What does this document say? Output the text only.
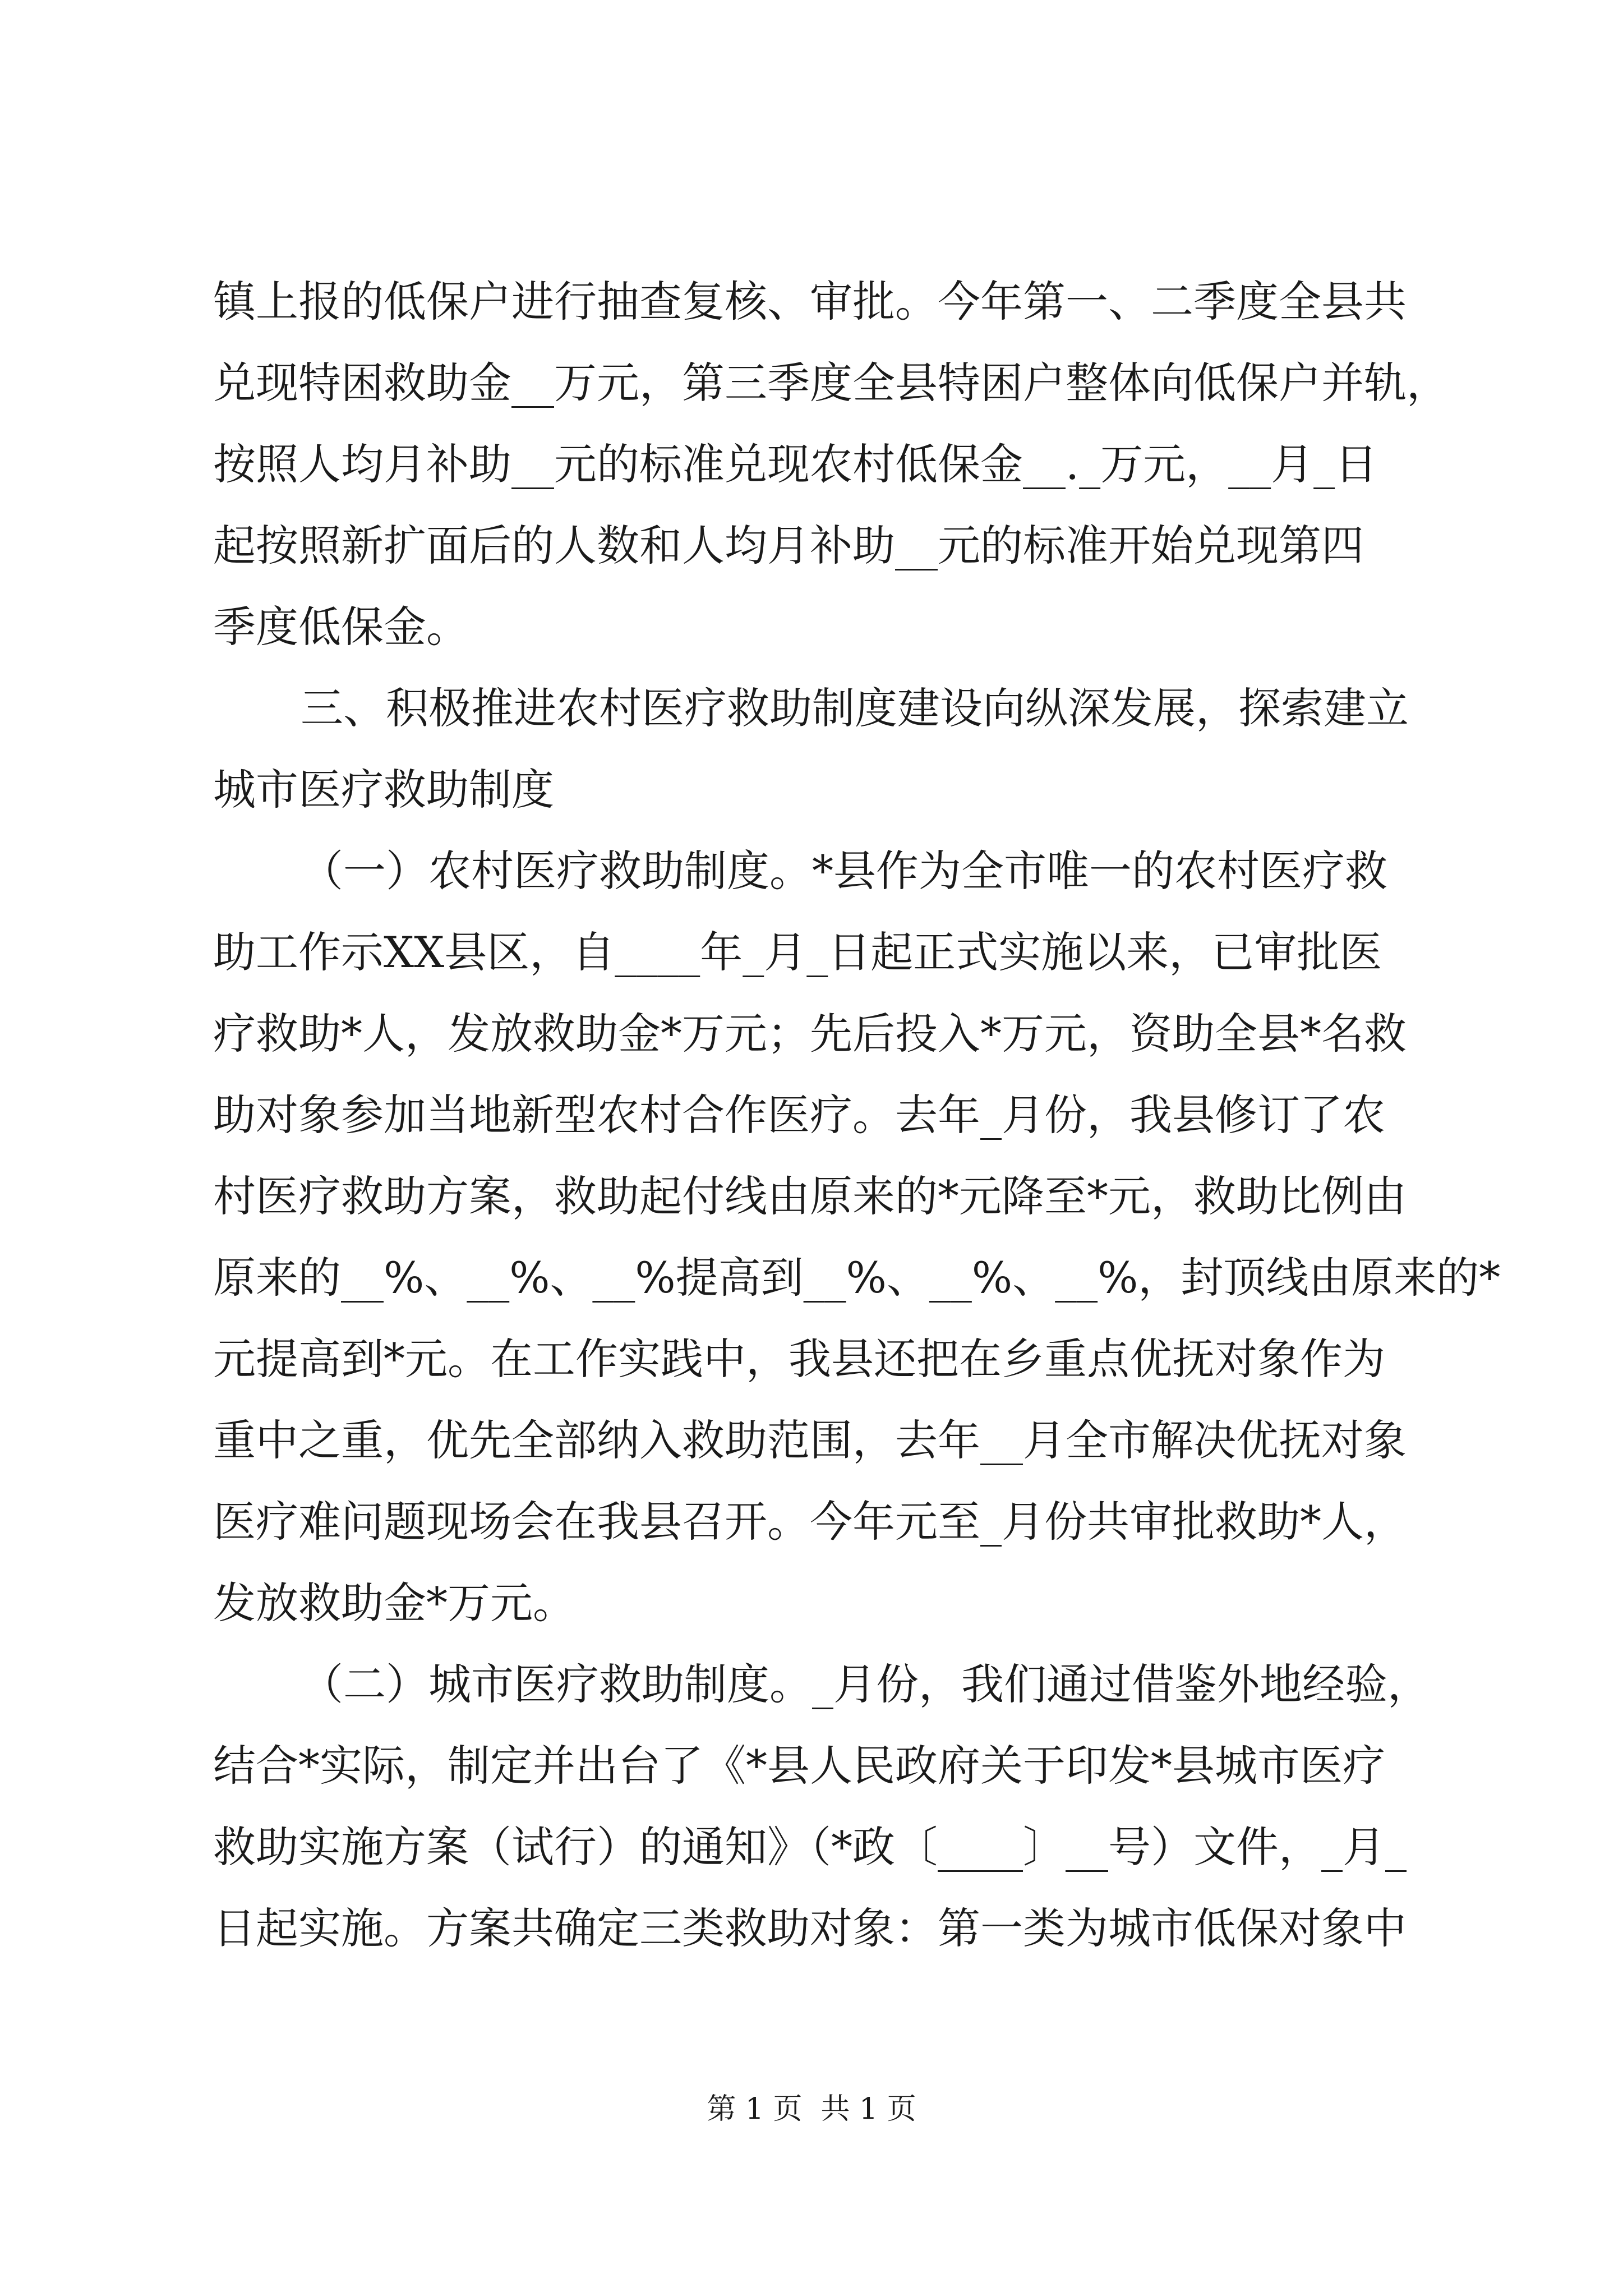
镇上报的低保户进行抽查复核、审批。今年第一、二季度全县共

兑现特困救助金__万元，第三季度全县特困户整体向低保户并轨，

按照人均月补助__元的标准兑现农村低保金__._万元，__月_日

起按照新扩面后的人数和人均月补助__元的标准开始兑现第四

季度低保金。

三、积极推进农村医疗救助制度建设向纵深发展，探索建立

城市医疗救助制度

（一）农村医疗救助制度。*县作为全市唯一的农村医疗救

助工作示XX县区，自____年_月_日起正式实施以来，已审批医

疗救助*人，发放救助金*万元；先后投入*万元，资助全县*名救

助对象参加当地新型农村合作医疗。去年_月份，我县修订了农

村医疗救助方案，救助起付线由原来的*元降至*元，救助比例由

原来的__%、__%、__%提高到__%、__%、__%，封顶线由原来的*

元提高到*元。在工作实践中，我县还把在乡重点优抚对象作为

重中之重，优先全部纳入救助范围，去年__月全市解决优抚对象

医疗难问题现场会在我县召开。今年元至_月份共审批救助*人，

发放救助金*万元。

（二）城市医疗救助制度。_月份，我们通过借鉴外地经验，

结合*实际，制定并出台了《*县人民政府关于印发*县城市医疗

救助实施方案（试行）的通知》（*政〔____〕__号）文件，_月_

日起实施。方案共确定三类救助对象：第一类为城市低保对象中

第 1 页  共 1 页
